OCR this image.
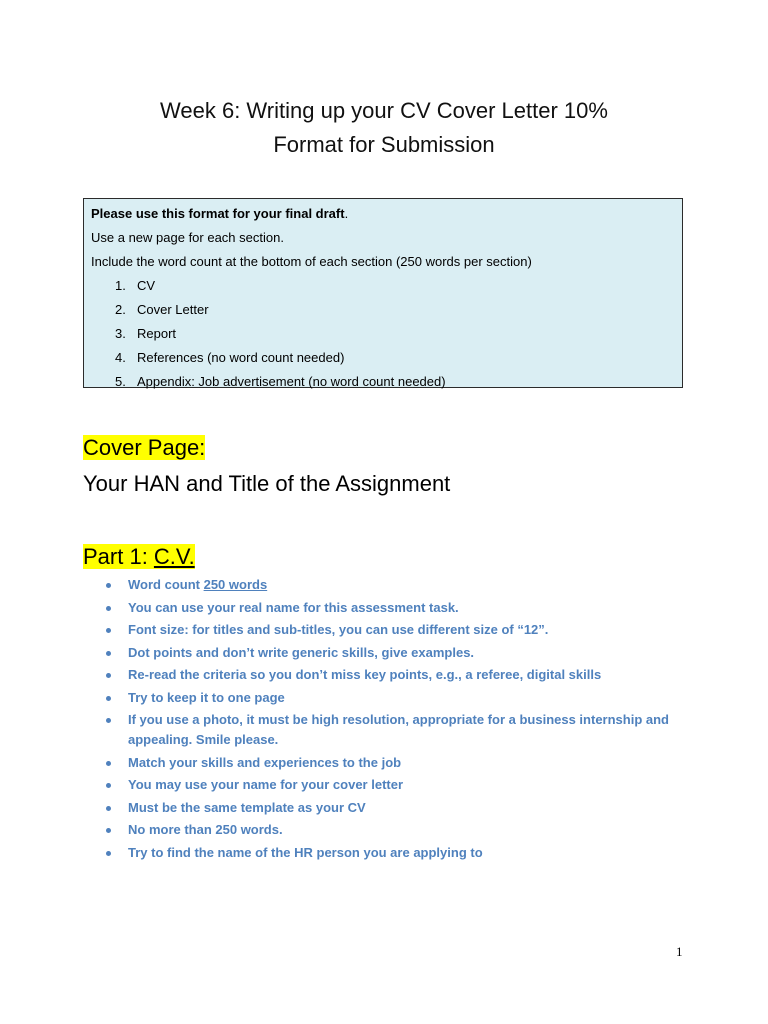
Week 6: Writing up your CV Cover Letter 10%
Format for Submission
Please use this format for your final draft.
Use a new page for each section.
Include the word count at the bottom of each section (250 words per section)
1. CV
2. Cover Letter
3. Report
4. References (no word count needed)
5. Appendix: Job advertisement (no word count needed)
Cover Page:
Your HAN and Title of the Assignment
Part 1: C.V.
Word count 250 words
You can use your real name for this assessment task.
Font size: for titles and sub-titles, you can use different size of “12”.
Dot points and don’t write generic skills, give examples.
Re-read the criteria so you don’t miss key points, e.g., a referee, digital skills
Try to keep it to one page
If you use a photo, it must be high resolution, appropriate for a business internship and appealing. Smile please.
Match your skills and experiences to the job
You may use your name for your cover letter
Must be the same template as your CV
No more than 250 words.
Try to find the name of the HR person you are applying to
1
